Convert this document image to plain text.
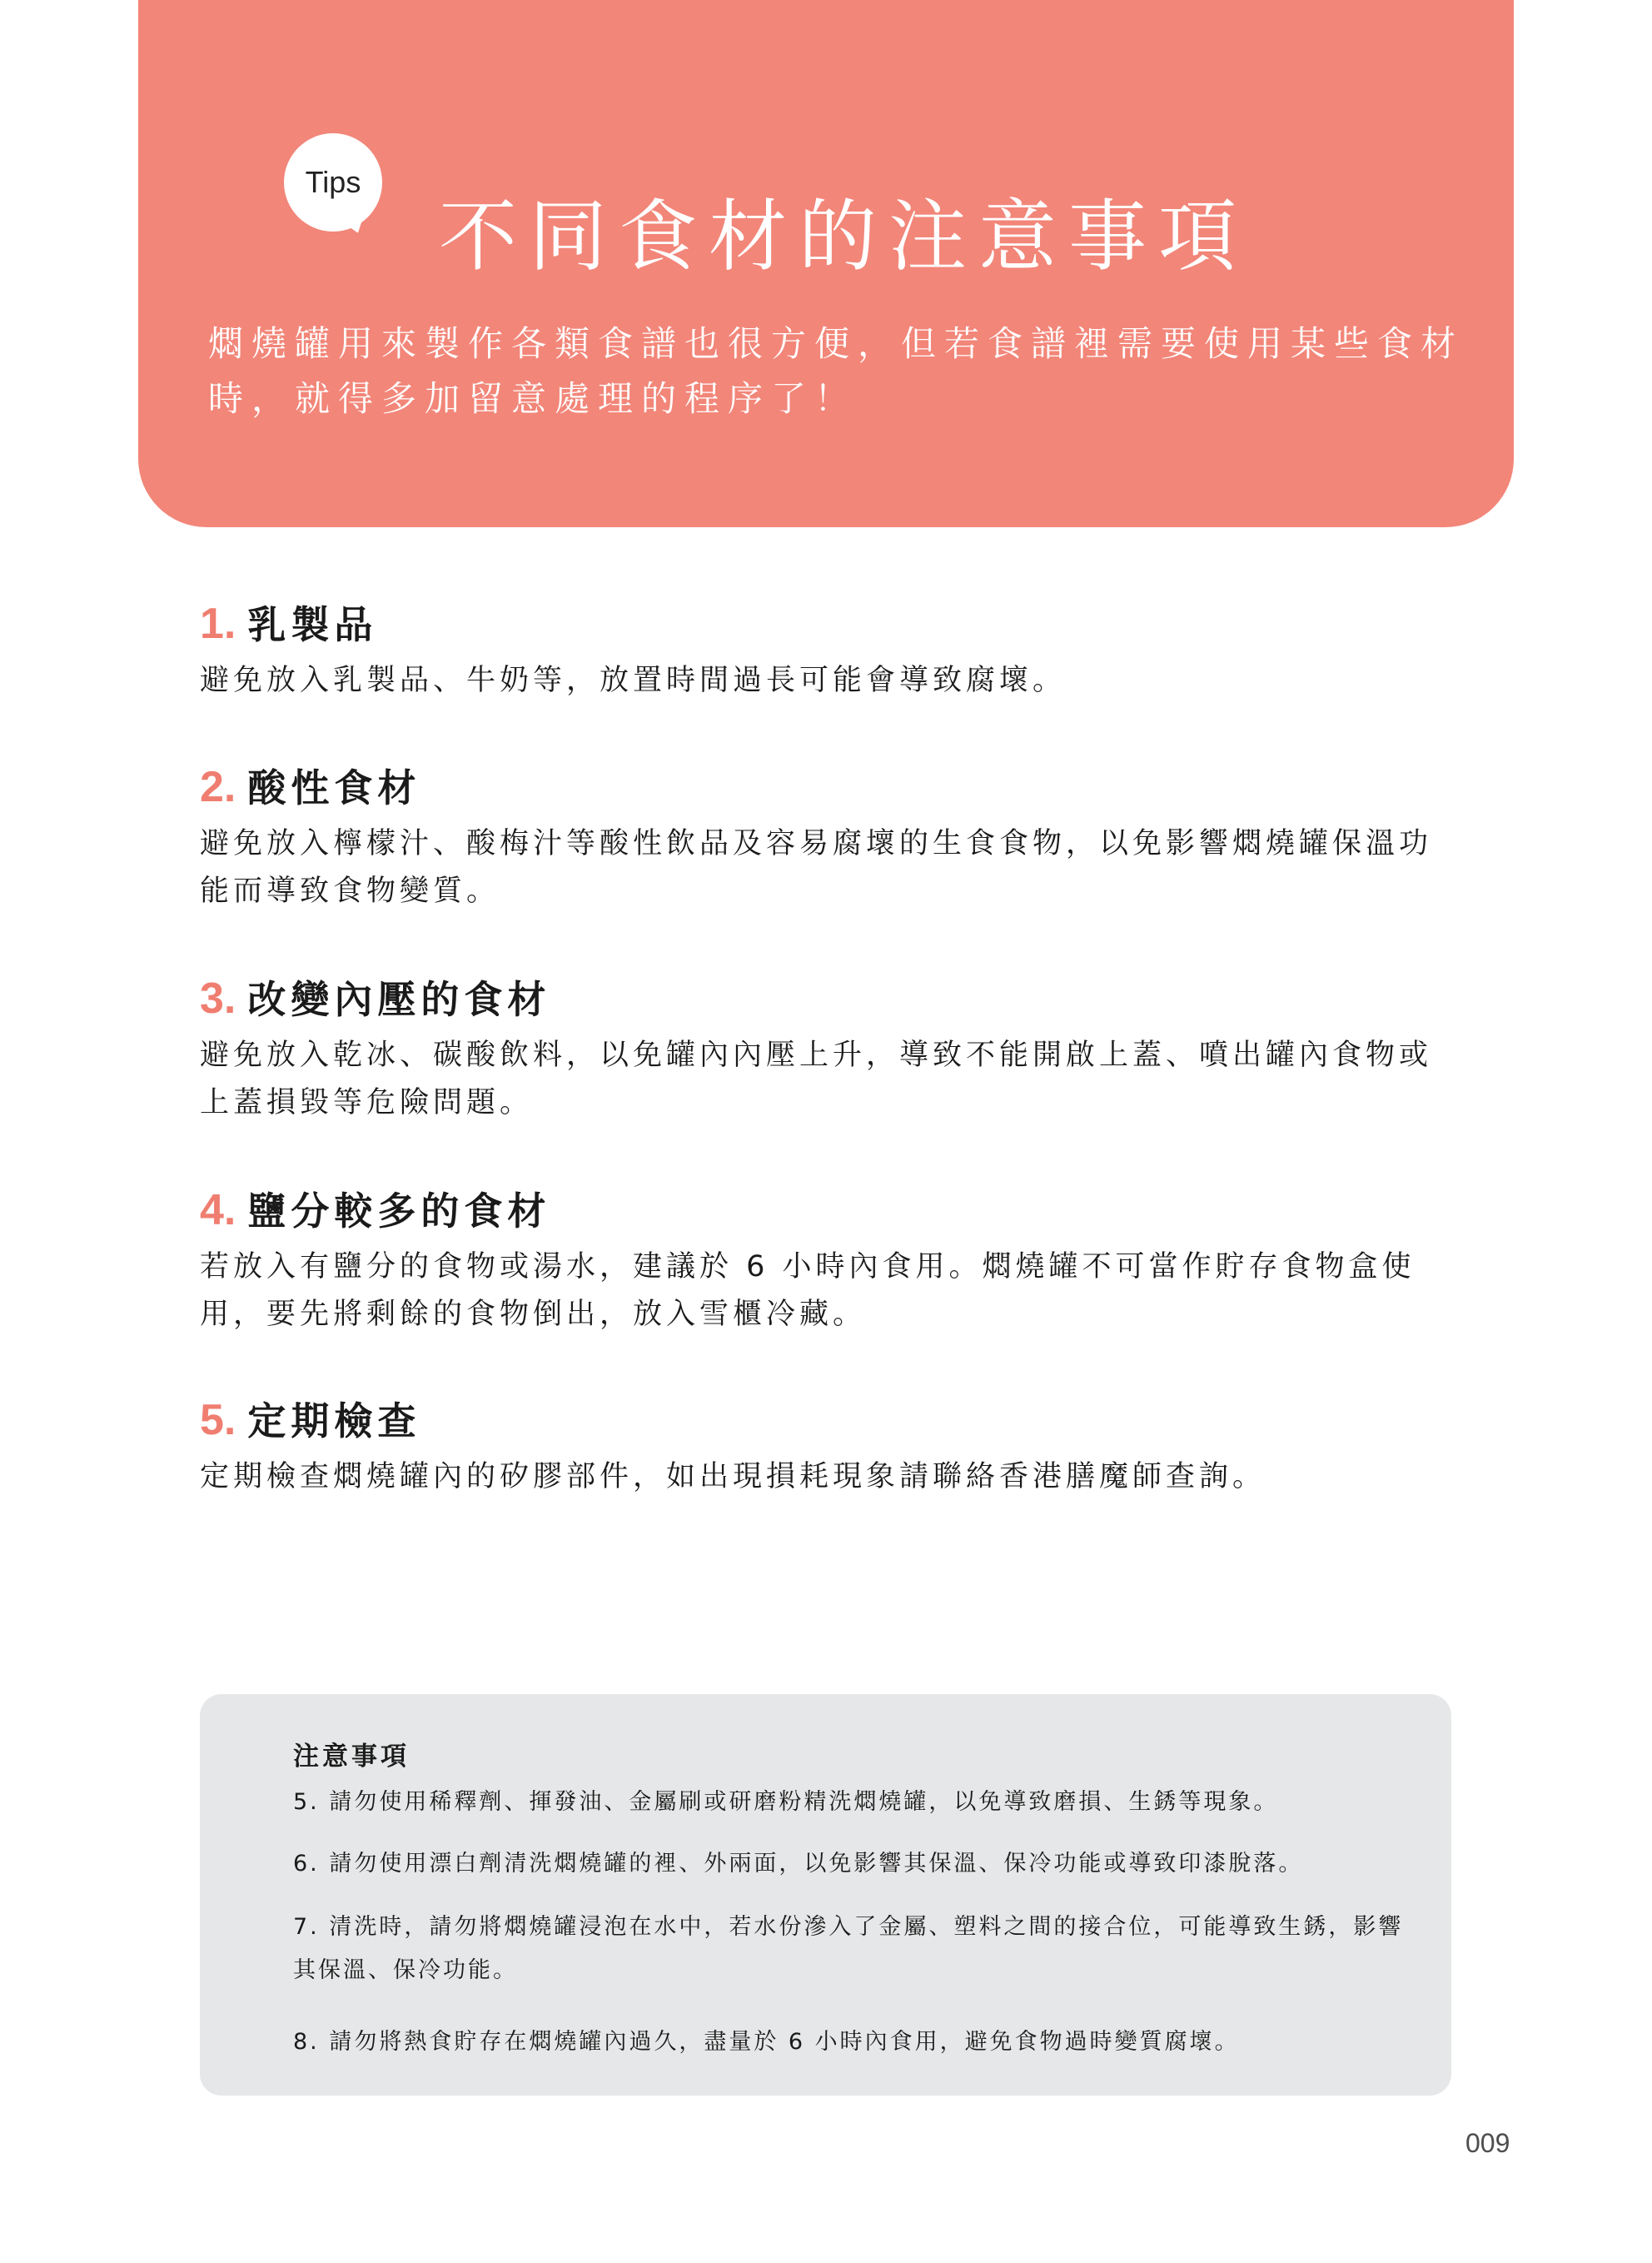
Tips
不同食材的注意事項
燜燒罐用來製作各類食譜也很方便，但若食譜裡需要使用某些食材時，就得多加留意處理的程序了！
1. 乳製品
避免放入乳製品、牛奶等，放置時間過長可能會導致腐壞。
2. 酸性食材
避免放入檸檬汁、酸梅汁等酸性飲品及容易腐壞的生食食物，以免影響燜燒罐保溫功能而導致食物變質。
3. 改變內壓的食材
避免放入乾冰、碳酸飲料，以免罐內內壓上升，導致不能開啟上蓋、噴出罐內食物或上蓋損毀等危險問題。
4. 鹽分較多的食材
若放入有鹽分的食物或湯水，建議於 6 小時內食用。燜燒罐不可當作貯存食物盒使用，要先將剩餘的食物倒出，放入雪櫃冷藏。
5. 定期檢查
定期檢查燜燒罐內的矽膠部件，如出現損耗現象請聯絡香港膳魔師查詢。
注意事項
5. 請勿使用稀釋劑、揮發油、金屬刷或研磨粉精洗燜燒罐，以免導致磨損、生銹等現象。
6. 請勿使用漂白劑清洗燜燒罐的裡、外兩面，以免影響其保溫、保冷功能或導致印漆脫落。
7. 清洗時，請勿將燜燒罐浸泡在水中，若水份滲入了金屬、塑料之間的接合位，可能導致生銹，影響其保溫、保冷功能。
8. 請勿將熱食貯存在燜燒罐內過久，盡量於 6 小時內食用，避免食物過時變質腐壞。
009
